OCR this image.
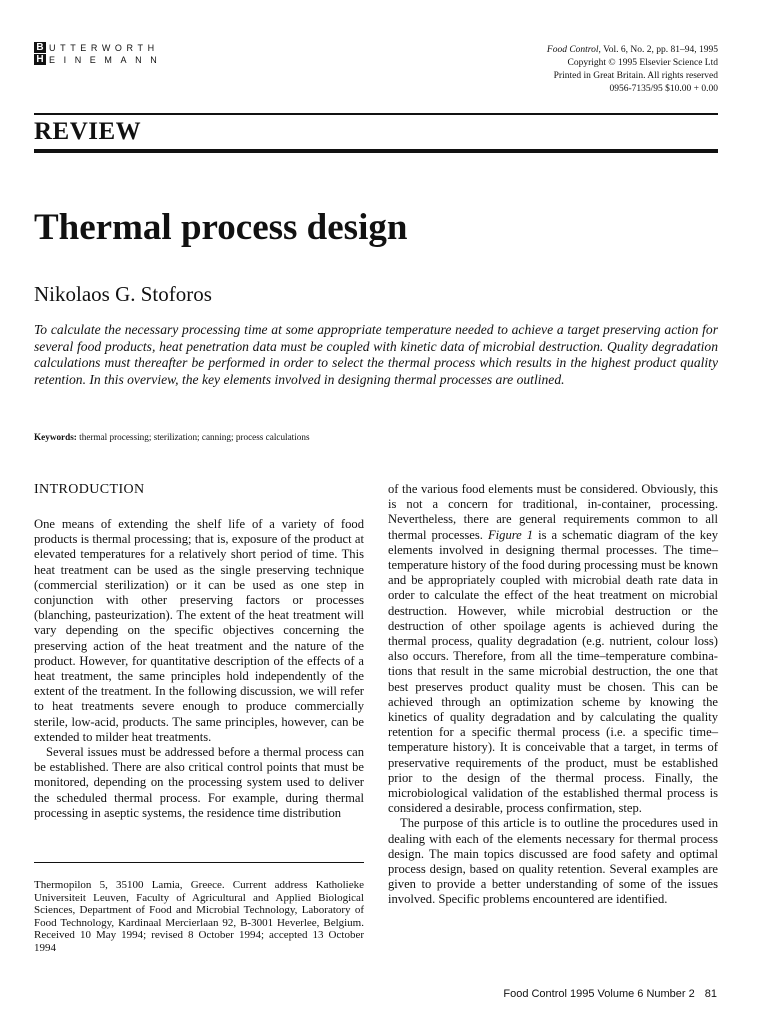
B
H
UTTERWORTH
EINEMANN
Food Control, Vol. 6, No. 2, pp. 81–94, 1995
Copyright © 1995 Elsevier Science Ltd
Printed in Great Britain. All rights reserved
0956-7135/95 $10.00 + 0.00
REVIEW
Thermal process design
Nikolaos G. Stoforos

To calculate the necessary processing time at some appropriate temperature needed to achieve a target preserving action for several food products, heat penetration data must be coupled with kinetic data of microbial destruction. Quality degradation calculations must thereafter be performed in order to select the thermal process which results in the highest product quality retention. In this overview, the key elements involved in designing thermal processes are outlined.

Keywords: thermal processing; sterilization; canning; process calculations
INTRODUCTION

One means of extending the shelf life of a variety of food products is thermal processing; that is, exposure of the product at elevated temperatures for a relatively short period of time. This heat treatment can be used as the single preserving technique (commercial sterilization) or it can be used as one step in conjunction with other preserving factors or processes (blanching, pasteurization). The extent of the heat treatment will vary depending on the specific objectives concerning the preserving action of the heat treatment and the nature of the product. However, for quantitative description of the effects of a heat treatment, the same principles hold independently of the extent of the treatment. In the following discussion, we will refer to heat treatments severe enough to produce commercially sterile, low-acid, products. The same principles, however, can be extended to milder heat treatments.

Several issues must be addressed before a thermal process can be established. There are also critical control points that must be monitored, depending on the processing system used to deliver the scheduled thermal process. For example, during thermal processing in aseptic systems, the residence time distribution

Thermopilon 5, 35100 Lamia, Greece. Current address Katholieke Universiteit Leuven, Faculty of Agricultural and Applied Biological Sciences, Department of Food and Microbial Technology, Laboratory of Food Technology, Kardinaal Mercierlaan 92, B-3001 Heverlee, Belgium. Received 10 May 1994; revised 8 October 1994; accepted 13 October 1994

of the various food elements must be considered. Obviously, this is not a concern for traditional, in-container, processing. Nevertheless, there are general requirements common to all thermal processes. Figure 1 is a schematic diagram of the key elements involved in designing thermal processes. The time–temperature history of the food during processing must be known and be appropriately coupled with microbial death rate data in order to calculate the effect of the heat treatment on microbial destruction. However, while microbial destruction or the destruction of other spoilage agents is achieved during the thermal process, quality degradation (e.g. nutrient, colour loss) also occurs. Therefore, from all the time–temperature combinations that result in the same microbial destruction, the one that best preserves product quality must be chosen. This can be achieved through an optimization scheme by knowing the kinetics of quality degradation and by calculating the quality retention for a specific thermal process (i.e. a specific time–temperature history). It is conceivable that a target, in terms of preservative requirements of the product, must be established prior to the design of the thermal process. Finally, the microbiological validation of the established thermal process is considered a desirable, process confirmation, step.

The purpose of this article is to outline the procedures used in dealing with each of the elements necessary for thermal process design. The main topics discussed are food safety and optimal process design, based on quality retention. Several examples are given to provide a better understanding of some of the issues involved. Specific problems encountered are identified.

Food Control 1995 Volume 6 Number 2 81
